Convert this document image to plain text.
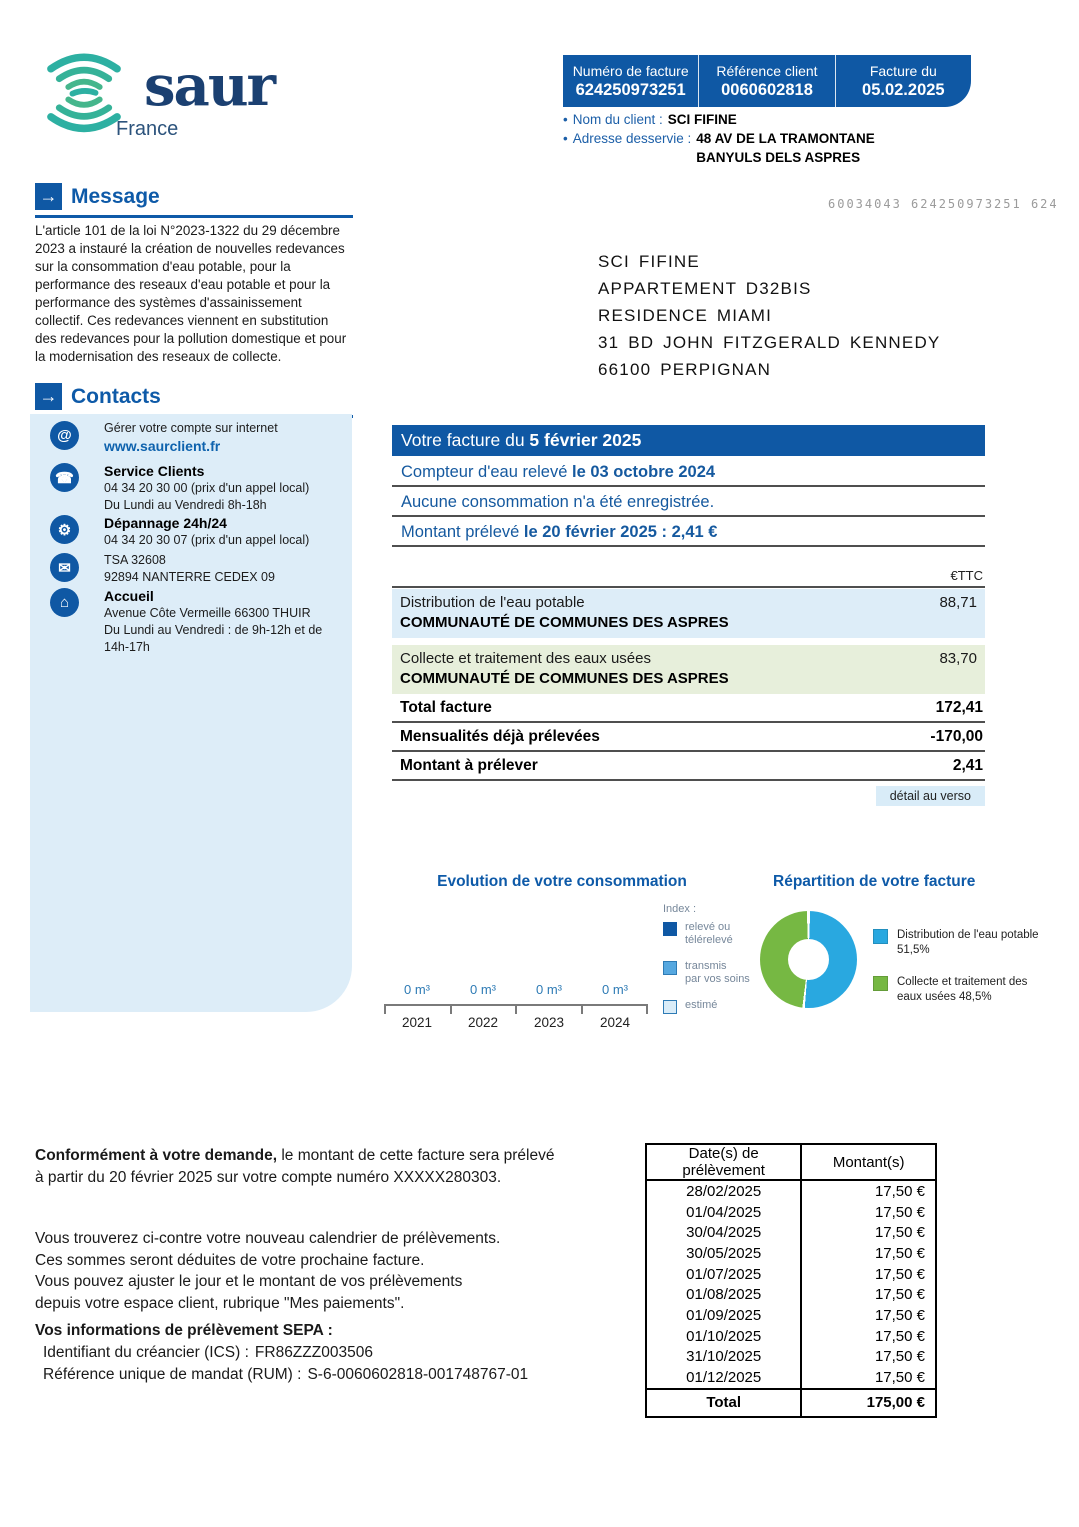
saur
France
Numéro de facture
624250973251
Référence client
0060602818
Facture du
05.02.2025
• Nom du client : SCI FIFINE
• Adresse desservie : 48 AV DE LA TRAMONTANE
BANYULS DELS ASPRES
60034043 624250973251 624
SCI FIFINE
APPARTEMENT D32BIS
RESIDENCE MIAMI
31 BD JOHN FITZGERALD KENNEDY
66100 PERPIGNAN
→ Message
L'article 101 de la loi N°2023-1322 du 29 décembre 2023 a instauré la création de nouvelles redevances sur la consommation d'eau potable, pour la performance des reseaux d'eau potable et pour la performance des systèmes d'assainissement collectif. Ces redevances viennent en substitution des redevances pour la pollution domestique et pour la modernisation des reseaux de collecte.
→ Contacts
@	Gérer votre compte sur internet
www.saurclient.fr
☎	Service Clients
04 34 20 30 00 (prix d'un appel local)
Du Lundi au Vendredi 8h-18h
⚙	Dépannage 24h/24
04 34 20 30 07 (prix d'un appel local)
✉	TSA 32608
92894 NANTERRE CEDEX 09
⌂	Accueil
Avenue Côte Vermeille 66300 THUIR
Du Lundi au Vendredi : de 9h-12h et de 14h-17h
Votre facture du 5 février 2025
Compteur d'eau relevé le 03 octobre 2024
Aucune consommation n'a été enregistrée.
Montant prélevé le 20 février 2025 : 2,41 €
€TTC
Distribution de l'eau potable	88,71
COMMUNAUTÉ DE COMMUNES DES ASPRES
Collecte et traitement des eaux usées	83,70
COMMUNAUTÉ DE COMMUNES DES ASPRES
Total facture	172,41
Mensualités déjà prélevées	-170,00
Montant à prélever	2,41
détail au verso
Evolution de votre consommation
0 m³	0 m³	0 m³	0 m³
2021	2022	2023	2024
Index :
relevé ou
télérelevé
transmis
par vos soins
estimé
Répartition de votre facture
Distribution de l'eau potable
51,5%
Collecte et traitement des
eaux usées 48,5%
Conformément à votre demande, le montant de cette facture sera prélevé à partir du 20 février 2025 sur votre compte numéro XXXXX280303.
Vous trouverez ci-contre votre nouveau calendrier de prélèvements.
Ces sommes seront déduites de votre prochaine facture.
Vous pouvez ajuster le jour et le montant de vos prélèvements
depuis votre espace client, rubrique "Mes paiements".
Vos informations de prélèvement SEPA :
Identifiant du créancier (ICS) : FR86ZZZ003506
Référence unique de mandat (RUM) : S-6-0060602818-001748767-01
Date(s) de prélèvement	Montant(s)
28/02/2025	17,50 €
01/04/2025	17,50 €
30/04/2025	17,50 €
30/05/2025	17,50 €
01/07/2025	17,50 €
01/08/2025	17,50 €
01/09/2025	17,50 €
01/10/2025	17,50 €
31/10/2025	17,50 €
01/12/2025	17,50 €
Total	175,00 €
